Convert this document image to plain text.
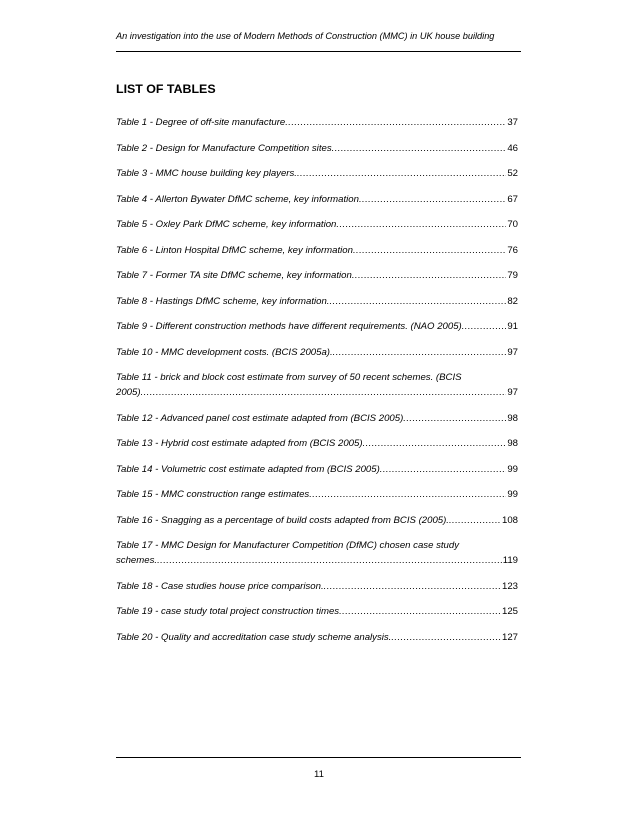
An investigation into the use of Modern Methods of Construction (MMC) in UK house building
LIST OF TABLES
Table 1 - Degree of off-site manufacture .....	37
Table 2 - Design for Manufacture Competition sites .....	46
Table 3 - MMC house building key players. .....	52
Table 4 - Allerton Bywater DfMC scheme, key information .....	67
Table 5 - Oxley Park DfMC scheme, key information .....	70
Table 6 - Linton Hospital DfMC scheme, key information .....	76
Table 7 - Former TA site DfMC scheme, key information .....	79
Table 8 - Hastings DfMC scheme, key information. .....	82
Table 9 - Different construction methods have different requirements. (NAO 2005) .....	91
Table 10 - MMC development costs. (BCIS 2005a). .....	97
Table 11 - brick and block cost estimate from survey of 50 recent schemes. (BCIS
2005) .....	97
Table 12 - Advanced panel cost estimate adapted from (BCIS 2005) .....	98
Table 13 - Hybrid cost estimate adapted from (BCIS 2005) .....	98
Table 14 - Volumetric cost estimate adapted from (BCIS 2005) .....	99
Table 15 - MMC construction range estimates .....	99
Table 16 - Snagging as a percentage of build costs adapted from BCIS (2005). .....	108
Table 17 - MMC Design for Manufacturer Competition (DfMC) chosen case study
schemes. .....	119
Table 18 - Case studies house price comparison. .....	123
Table 19 - case study total project construction times .....	125
Table 20 - Quality and accreditation case study scheme analysis. .....	127
11
